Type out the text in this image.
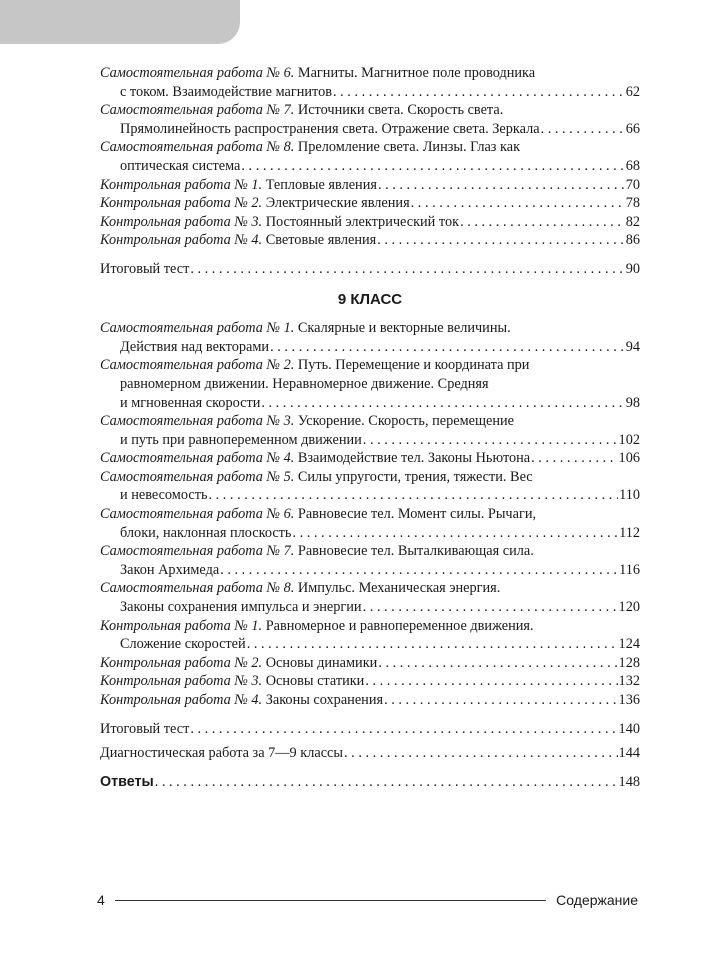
Самостоятельная работа № 6. Магниты. Магнитное поле проводника
с током. Взаимодействие магнитов . . .	62
Самостоятельная работа № 7. Источники света. Скорость света.
Прямолинейность распространения света. Отражение света. Зеркала . . .	66
Самостоятельная работа № 8. Преломление света. Линзы. Глаз как
оптическая система . . .	68
Контрольная работа № 1.
Тепловые явления . . .	70
Контрольная работа № 2.
Электрические явления . . .	78
Контрольная работа № 3.
Постоянный электрический ток . . .	82
Контрольная работа № 4.
Световые явления . . .	86
Итоговый тест . . .	90
9 КЛАСС
Самостоятельная работа № 1. Скалярные и векторные величины.
Действия над векторами . . .	94
Самостоятельная работа № 2. Путь. Перемещение и координата при
равномерном движении. Неравномерное движение. Средняя
и мгновенная скорости . . .	98
Самостоятельная работа № 3. Ускорение. Скорость, перемещение
и путь при равнопеременном движении . . .	102
Самостоятельная работа № 4.
Взаимодействие тел. Законы Ньютона . . .	106
Самостоятельная работа № 5. Силы упругости, трения, тяжести. Вес
и невесомость . . .	110
Самостоятельная работа № 6. Равновесие тел. Момент силы. Рычаги,
блоки, наклонная плоскость . . .	112
Самостоятельная работа № 7. Равновесие тел. Выталкивающая сила.
Закон Архимеда . . .	116
Самостоятельная работа № 8. Импульс. Механическая энергия.
Законы сохранения импульса и энергии . . .	120
Контрольная работа № 1. Равномерное и равнопеременное движения.
Сложение скоростей . . .	124
Контрольная работа № 2.
Основы динамики . . .	128
Контрольная работа № 3.
Основы статики . . .	132
Контрольная работа № 4.
Законы сохранения . . .	136
Итоговый тест . . .	140
Диагностическая работа за 7—9 классы . . .	144
Ответы . . .	148
4	Содержание
